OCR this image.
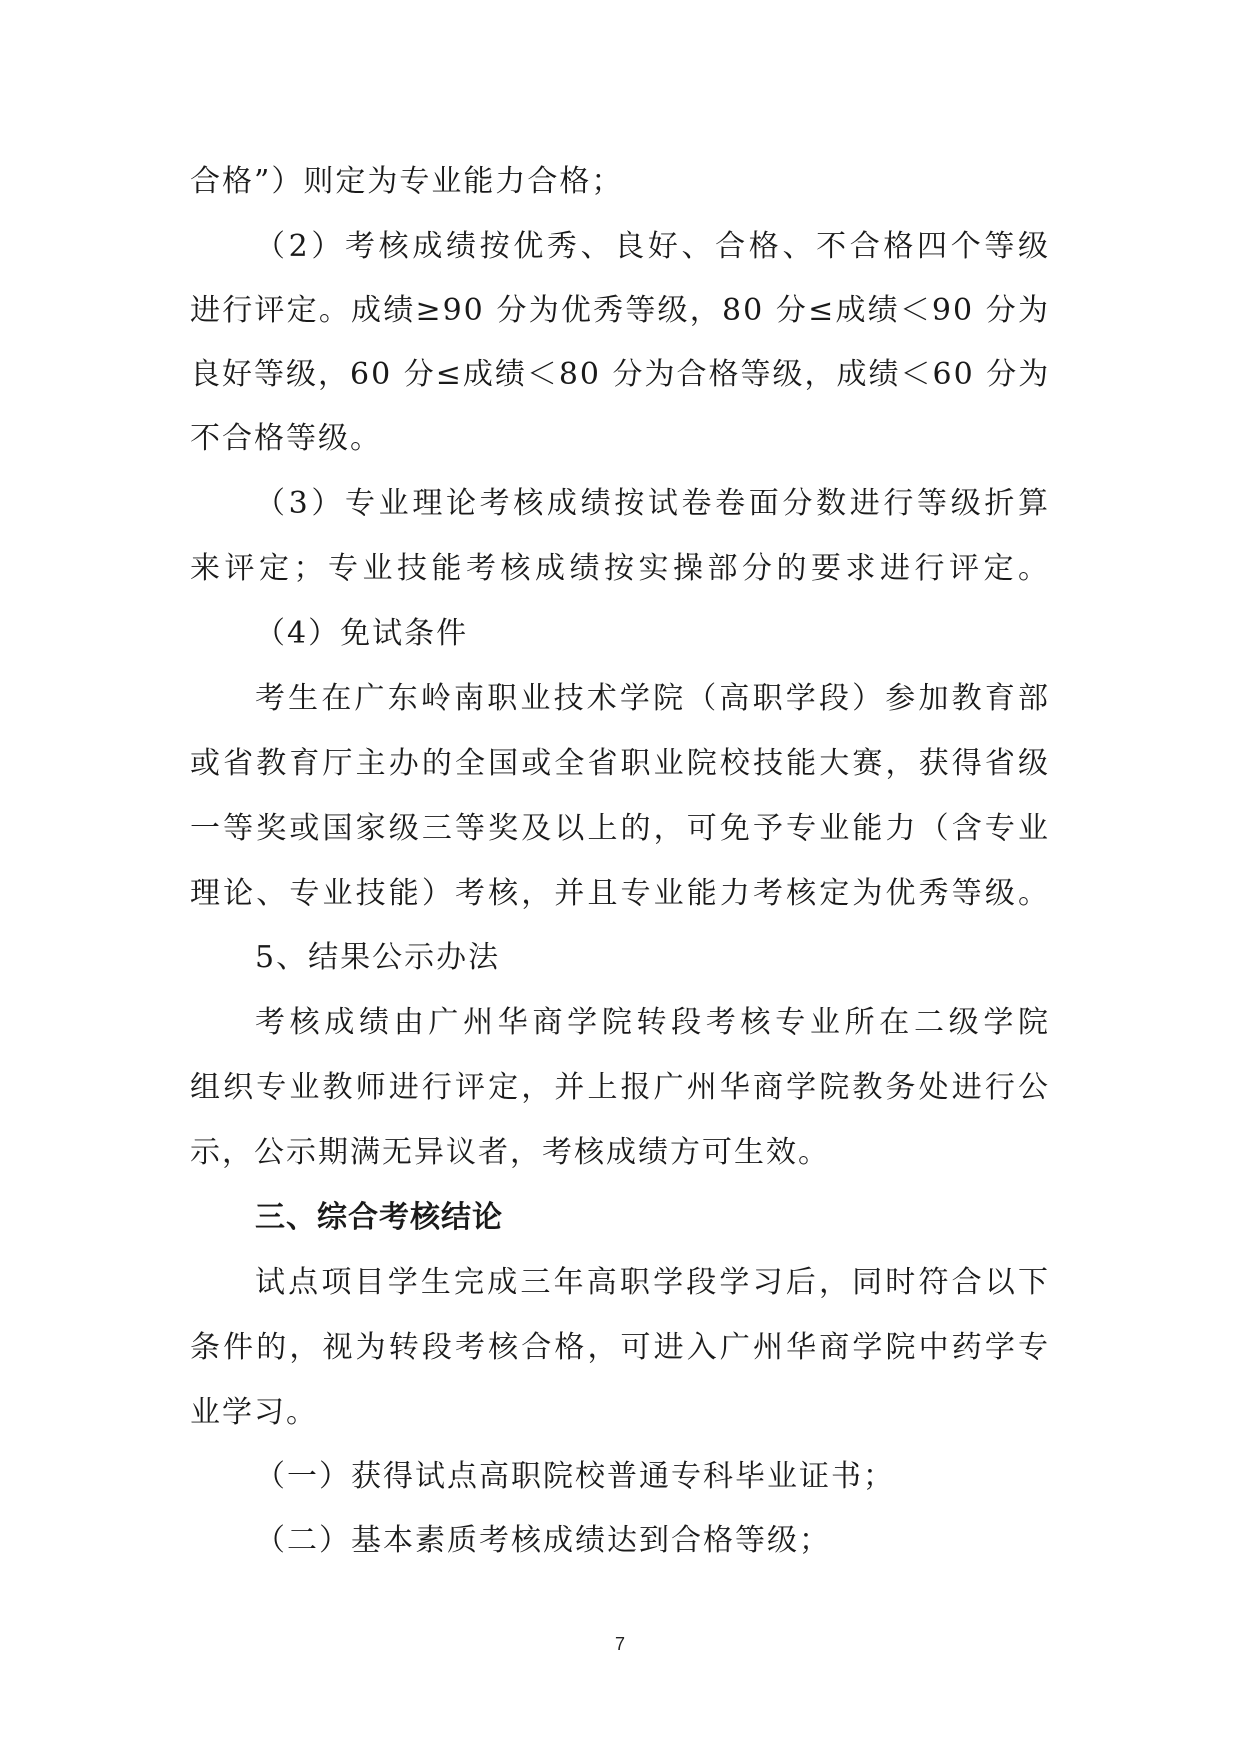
合格”）则定为专业能力合格；
（2）考核成绩按优秀、良好、合格、不合格四个等级
进行评定。成绩≥90 分为优秀等级，80 分≤成绩＜90 分为
良好等级，60 分≤成绩＜80 分为合格等级，成绩＜60 分为
不合格等级。
（3）专业理论考核成绩按试卷卷面分数进行等级折算
来评定；专业技能考核成绩按实操部分的要求进行评定。
（4）免试条件
考生在广东岭南职业技术学院（高职学段）参加教育部
或省教育厅主办的全国或全省职业院校技能大赛，获得省级
一等奖或国家级三等奖及以上的，可免予专业能力（含专业
理论、专业技能）考核，并且专业能力考核定为优秀等级。
5、结果公示办法
考核成绩由广州华商学院转段考核专业所在二级学院
组织专业教师进行评定，并上报广州华商学院教务处进行公
示，公示期满无异议者，考核成绩方可生效。
三、综合考核结论
试点项目学生完成三年高职学段学习后，同时符合以下
条件的，视为转段考核合格，可进入广州华商学院中药学专
业学习。
（一）获得试点高职院校普通专科毕业证书；
（二）基本素质考核成绩达到合格等级；
7
